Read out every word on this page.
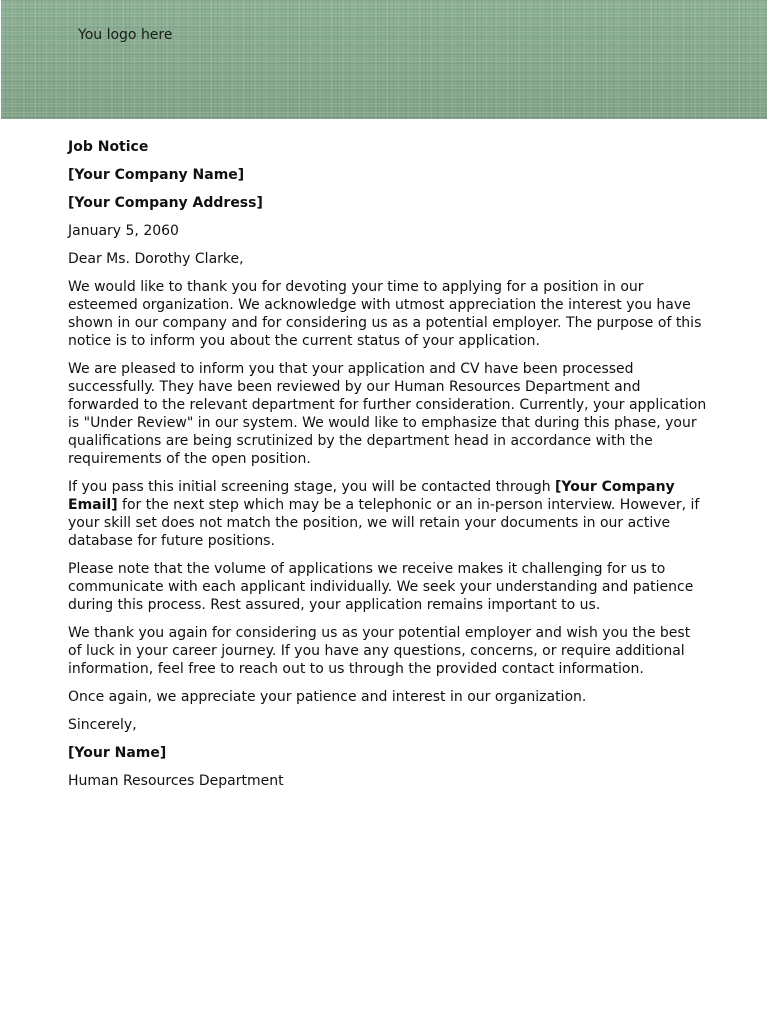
You logo here

Job Notice

[Your Company Name]

[Your Company Address]

January 5, 2060

Dear Ms. Dorothy Clarke,

We would like to thank you for devoting your time to applying for a position in our esteemed organization. We acknowledge with utmost appreciation the interest you have shown in our company and for considering us as a potential employer. The purpose of this notice is to inform you about the current status of your application.

We are pleased to inform you that your application and CV have been processed successfully. They have been reviewed by our Human Resources Department and forwarded to the relevant department for further consideration. Currently, your application is "Under Review" in our system. We would like to emphasize that during this phase, your qualifications are being scrutinized by the department head in accordance with the requirements of the open position.

If you pass this initial screening stage, you will be contacted through [Your Company Email] for the next step which may be a telephonic or an in-person interview. However, if your skill set does not match the position, we will retain your documents in our active database for future positions.

Please note that the volume of applications we receive makes it challenging for us to communicate with each applicant individually. We seek your understanding and patience during this process. Rest assured, your application remains important to us.

We thank you again for considering us as your potential employer and wish you the best of luck in your career journey. If you have any questions, concerns, or require additional information, feel free to reach out to us through the provided contact information.

Once again, we appreciate your patience and interest in our organization.

Sincerely,

[Your Name]

Human Resources Department
